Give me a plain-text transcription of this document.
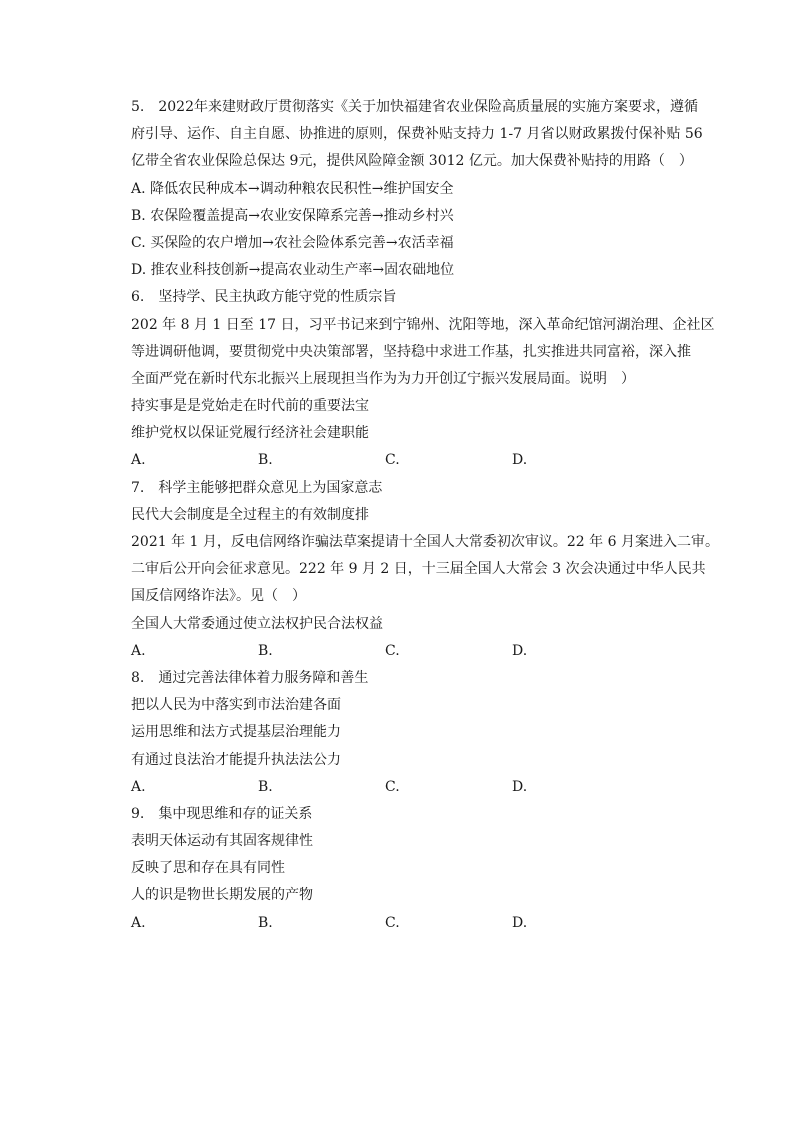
5.　2022年来建财政厅贯彻落实《关于加快福建省农业保险高质量展的实施方案要求，遵循
府引导、运作、自主自愿、协推进的原则，保费补贴支持力 1-7 月省以财政累拨付保补贴 56
亿带全省农业保险总保达 9元，提供风险障金额 3012 亿元。加大保费补贴持的用路（　）
A. 降低农民种成本→调动种粮农民积性→维护国安全
B. 农保险覆盖提高→农业安保障系完善→推动乡村兴
C. 买保险的农户增加→农社会险体系完善→农活幸福
D. 推农业科技创新→提高农业动生产率→固农础地位
6.　坚持学、民主执政方能守党的性质宗旨
202 年 8 月 1 日至 17 日，习平书记来到宁锦州、沈阳等地，深入革命纪馆河湖治理、企社区
等进调研他调，要贯彻党中央决策部署，坚持稳中求进工作基，扎实推进共同富裕，深入推
全面严党在新时代东北振兴上展现担当作为为力开创辽宁振兴发展局面。说明　）
持实事是是党始走在时代前的重要法宝
维护党权以保证党履行经济社会建职能
A.	B.	C.	D.
7.　科学主能够把群众意见上为国家意志
民代大会制度是全过程主的有效制度排
2021 年 1 月，反电信网络诈骗法草案提请十全国人大常委初次审议。22 年 6 月案进入二审。
二审后公开向会征求意见。222 年 9 月 2 日，十三届全国人大常会 3 次会决通过中华人民共
国反信网络诈法》。见（　）
全国人大常委通过使立法权护民合法权益
A.	B.	C.	D.
8.　通过完善法律体着力服务障和善生
把以人民为中落实到市法治建各面
运用思维和法方式提基层治理能力
有通过良法治才能提升执法法公力
A.	B.	C.	D.
9.　集中现思维和存的证关系
表明天体运动有其固客规律性
反映了思和存在具有同性
人的识是物世长期发展的产物
A.	B.	C.	D.
